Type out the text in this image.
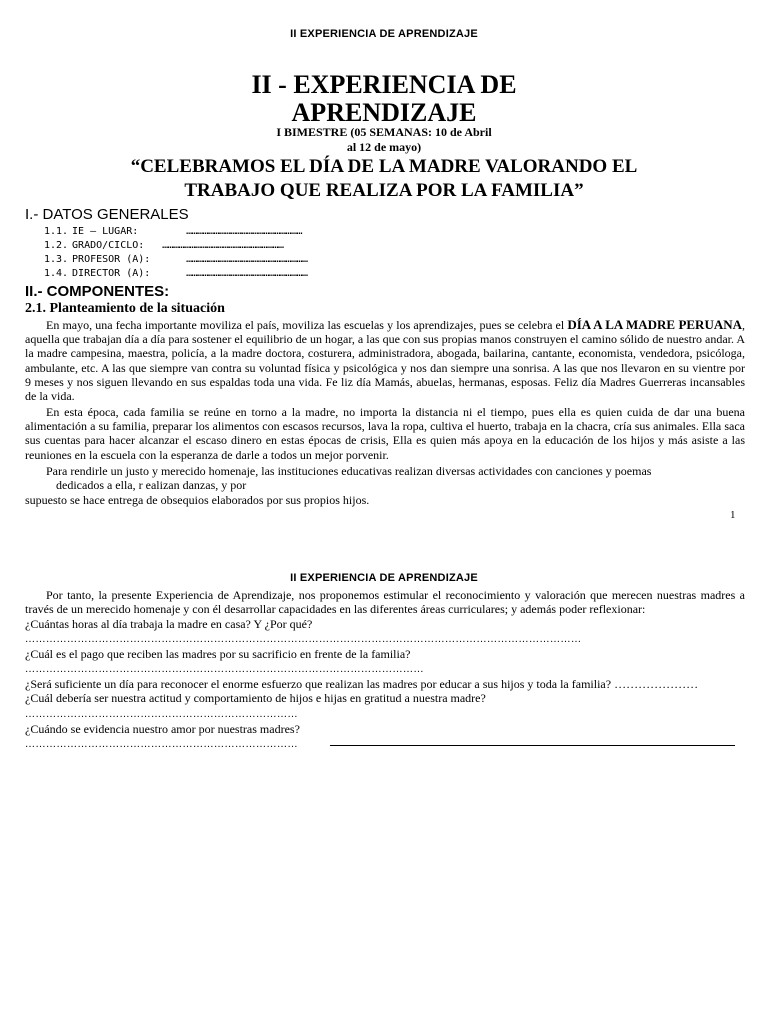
II EXPERIENCIA DE APRENDIZAJE
II - EXPERIENCIA DE
APRENDIZAJE
I BIMESTRE (05 SEMANAS: 10 de Abril
al 12 de mayo)
“CELEBRAMOS EL DÍA DE LA MADRE VALORANDO EL
TRABAJO QUE REALIZA POR LA FAMILIA”
I.- DATOS GENERALES
1.1. IE – LUGAR:	………………………………………………………
1.2. GRADO/CICLO: …………………………………………………………
1.3. PROFESOR (A):	…………………………………………………………
1.4. DIRECTOR (A):	…………………………………………………………
II.- COMPONENTES:
2.1. Planteamiento de la situación
En mayo, una fecha importante moviliza el país, moviliza las escuelas y los aprendizajes, pues se celebra el DÍA A LA MADRE PERUANA, aquella que trabajan día a día para sostener el equilibrio de un hogar, a las que con sus propias manos construyen el camino sólido de nuestro andar. A la madre campesina, maestra, policía, a la madre doctora, costurera, administradora, abogada, bailarina, cantante, economista, vendedora, psicóloga, ambulante, etc. A las que siempre van contra su voluntad física y psicológica y nos dan siempre una sonrisa. A las que nos llevaron en su vientre por 9 meses y nos siguen llevando en sus espaldas toda una vida. Fe liz día Mamás, abuelas, hermanas, esposas. Feliz día Madres Guerreras incansables de la vida.
En esta época, cada familia se reúne en torno a la madre, no importa la distancia ni el tiempo, pues ella es quien cuida de dar una buena alimentación a su familia, preparar los alimentos con escasos recursos, lava la ropa, cultiva el huerto, trabaja en la chacra, cría sus animales. Ella saca sus cuentas para hacer alcanzar el escaso dinero en estas épocas de crisis, Ella es quien más apoya en la educación de los hijos y más asiste a las reuniones en la escuela con la esperanza de darle a todos un mejor porvenir.
Para rendirle un justo y merecido homenaje, las instituciones educativas realizan diversas actividades con canciones y poemas
dedicados a ella, r ealizan danzas, y por
supuesto se hace entrega de obsequios elaborados por sus propios hijos.
1
II EXPERIENCIA DE APRENDIZAJE
Por tanto, la presente Experiencia de Aprendizaje, nos proponemos estimular el reconocimiento y valoración que merecen nuestras madres a través de un merecido homenaje y con él desarrollar capacidades en las diferentes áreas curriculares; y además poder reflexionar:
¿Cuántas horas al día trabaja la madre en casa? Y ¿Por qué?
……………………………………………………………………………………………………………………………………………
¿Cuál es el pago que reciben las madres por su sacrificio en frente de la familia?
……………………………………………………………………………………………………
¿Será suficiente un día para reconocer el enorme esfuerzo que realizan las madres por educar a sus hijos y toda la familia? …………………
¿Cuál debería ser nuestra actitud y comportamiento de hijos e hijas en gratitud a nuestra madre?
……………………………………………………………………
¿Cuándo se evidencia nuestro amor por nuestras madres?
……………………………………………………………………
